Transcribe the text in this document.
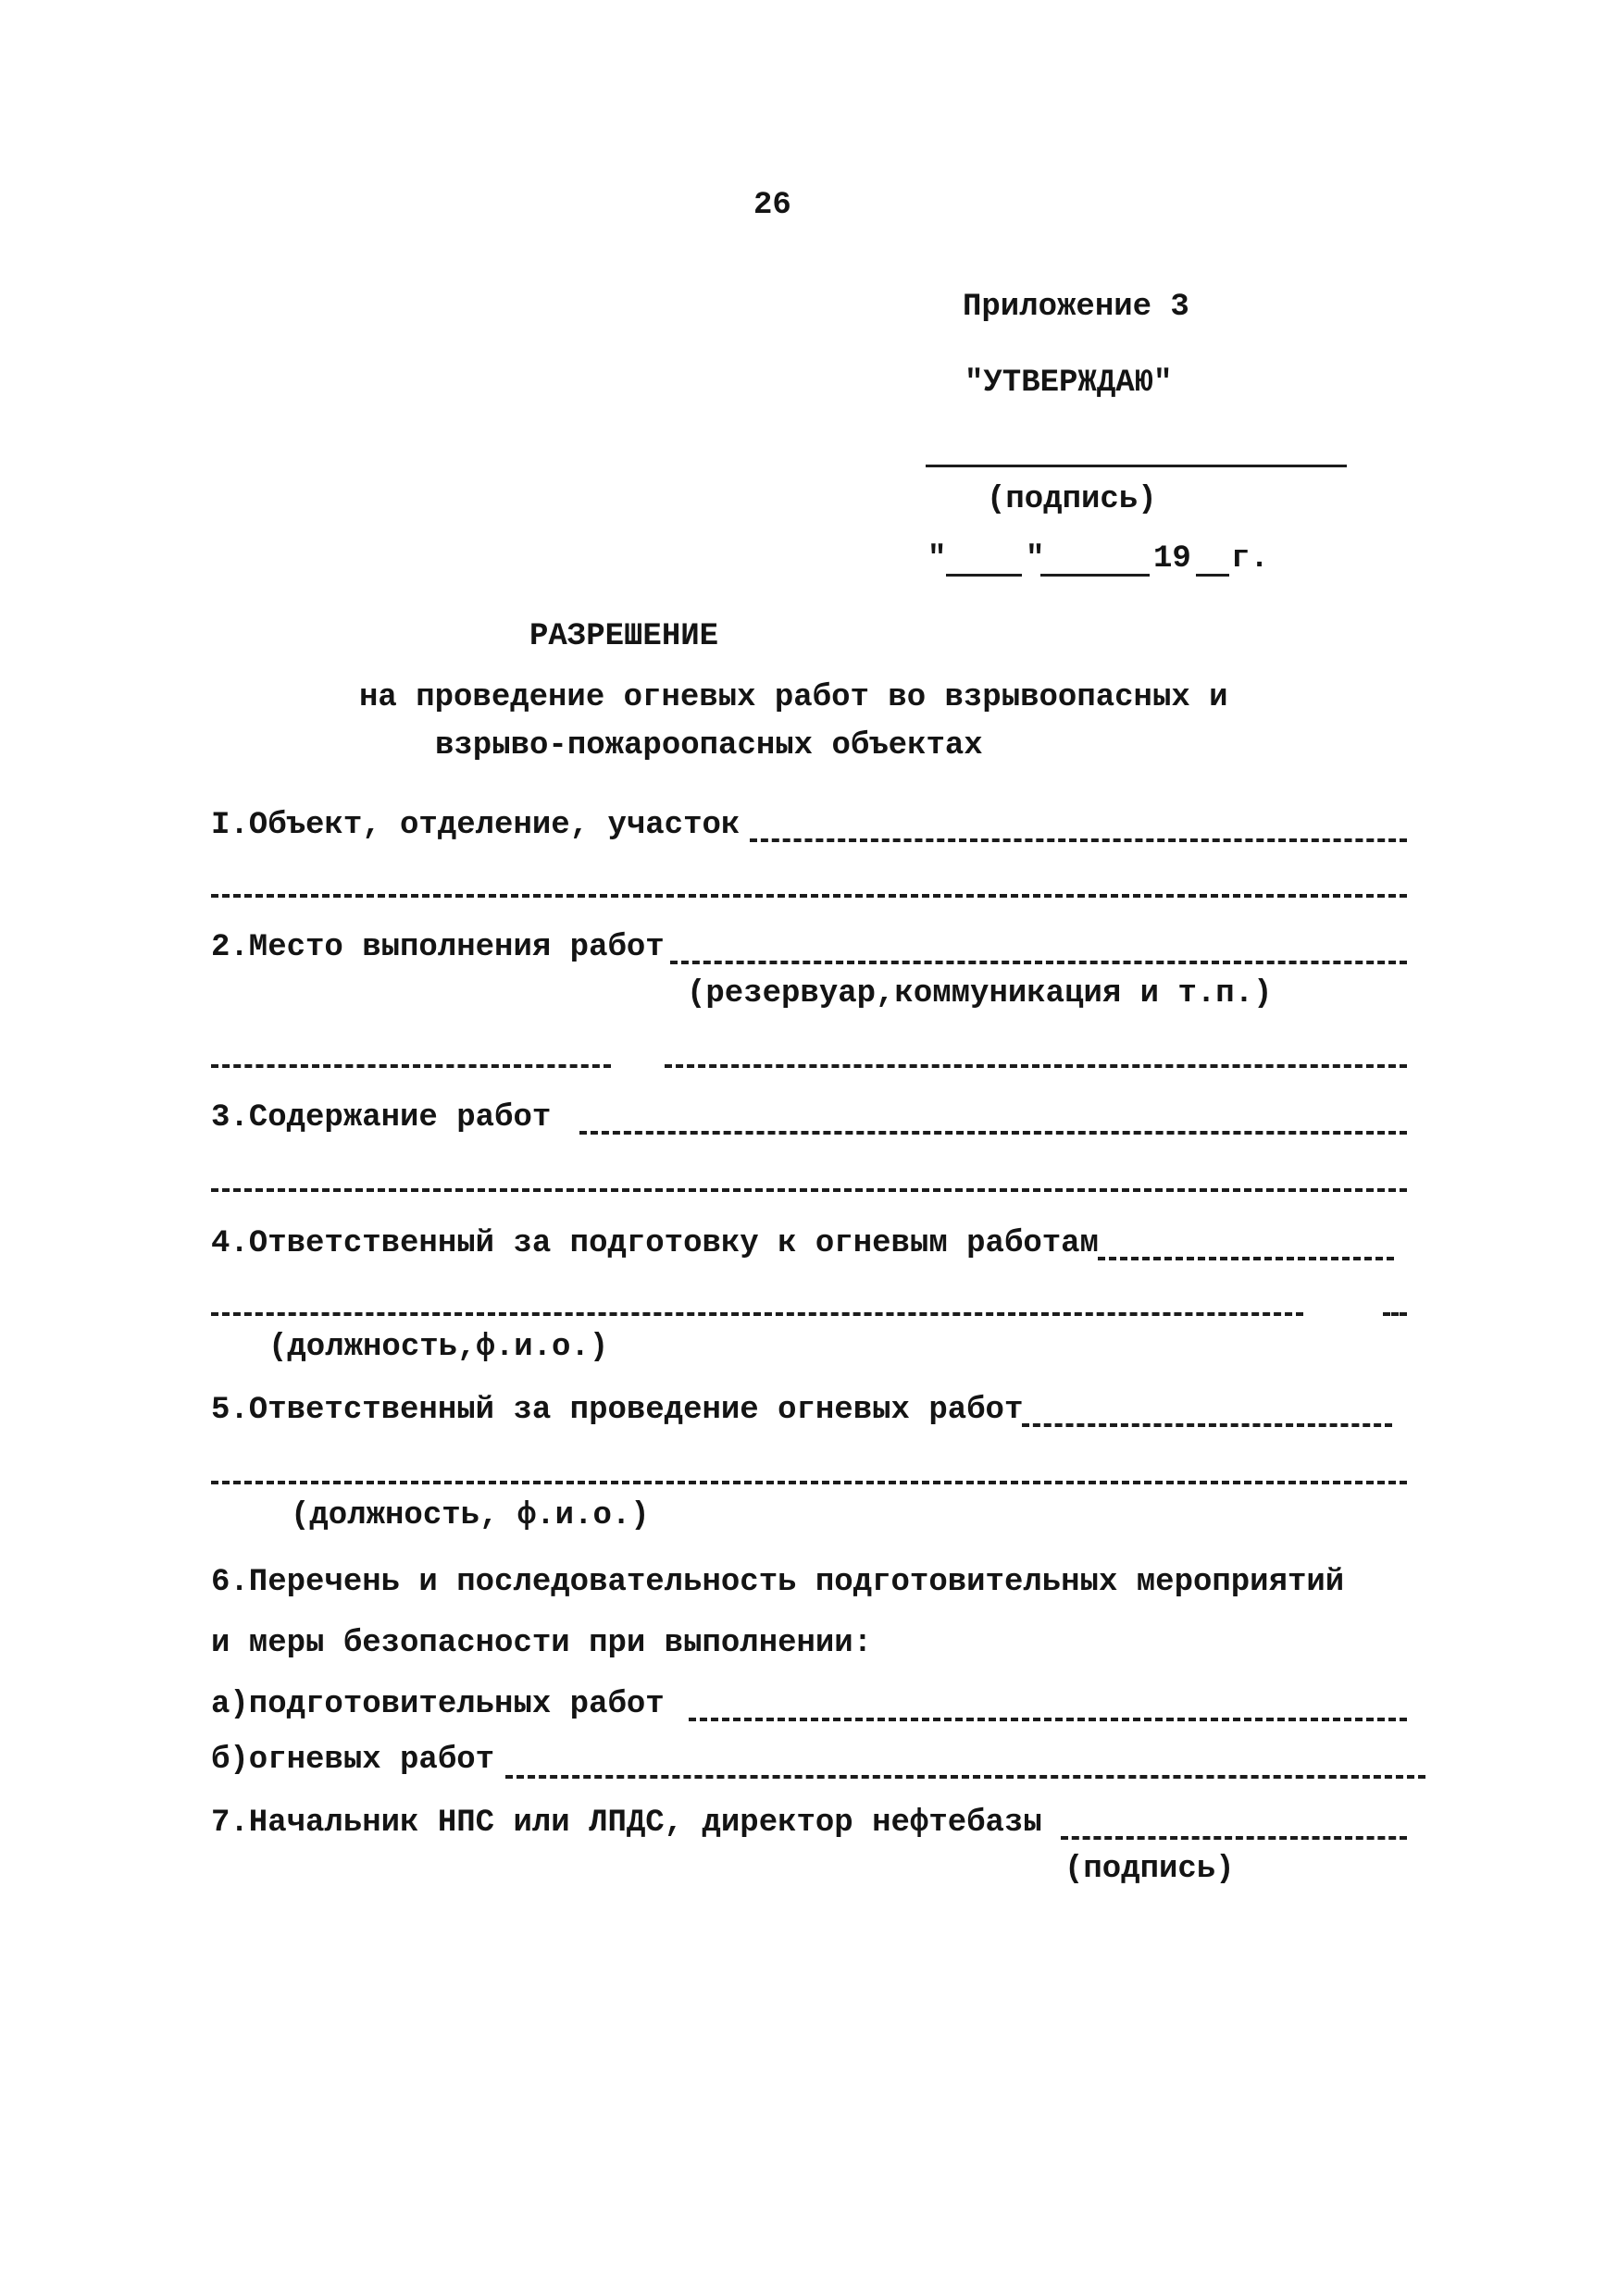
26
Приложение 3
"УТВЕРЖДАЮ"
(подпись)
"	"	19 г.
РАЗРЕШЕНИЕ
на проведение огневых работ во взрывоопасных и
взрыво-пожароопасных объектах
I.Объект, отделение, участок
2.Место выполнения работ
(резервуар,коммуникация и т.п.)
3.Содержание работ
4.Ответственный за подготовку к огневым работам
(должность,ф.и.о.)
5.Ответственный за проведение огневых работ
(должность, ф.и.о.)
6.Перечень и последовательность подготовительных мероприятий
и меры безопасности при выполнении:
а)подготовительных работ
б)огневых работ
7.Начальник НПС или ЛПДС, директор нефтебазы
(подпись)
